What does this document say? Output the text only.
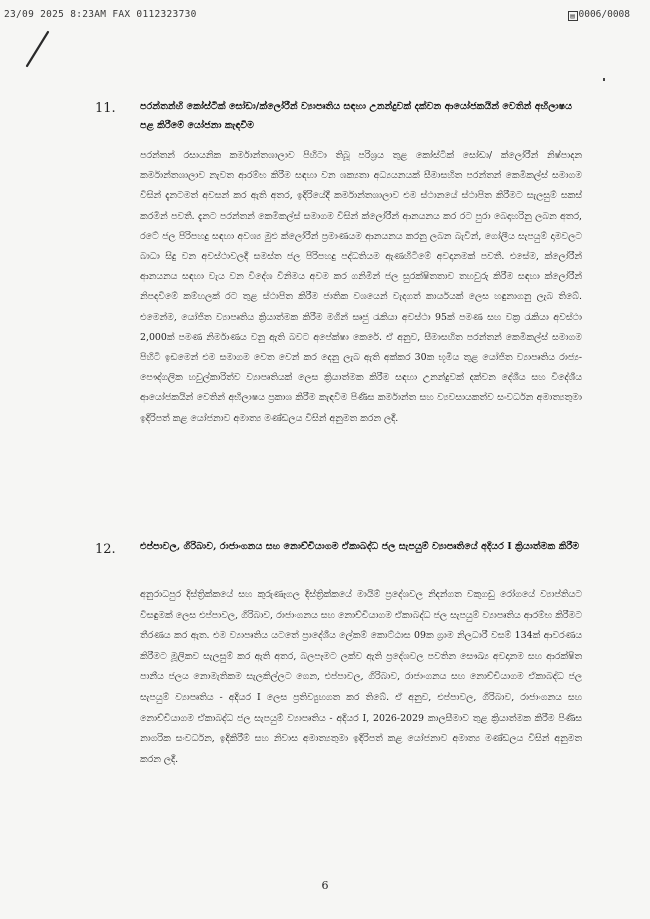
23/09 2025 8:23AM FAX 0112323730	▤ 0006/0008
11.	පරන්තන්හි කෝස්ටික් සෝඩා/ක්ලෝරීන් ව්‍යාපෘතිය සඳහා උනන්දුවක් දක්වන ආයෝජකයින් වෙතින් අභිලාෂය පළ කිරීමේ යෝජනා කැඳවීම
පරන්තන් රසායනික කර්මාන්තශාලාව පිහිටා තිබූ පරිශ්‍රය තුළ කෝස්ටික් සෝඩා/ ක්ලෝරීන් නිෂ්පාදන කර්මාන්තශාලාව නැවත ආරම්භ කිරීම සඳහා වන ශක්‍යතා අධ්‍යයනයක් සීමාසහිත පරන්තන් කෙමිකල්ස් සමාගම විසින් දැනටමත් අවසන් කර ඇති අතර, ඉදිරියේදී කර්මාන්තශාලාව එම ස්ථානයේ ස්ථාපිත කිරීමට සැලසුම් සකස් කරමින් පවතී. දැනට පරන්තන් කෙමිකල්ස් සමාගම විසින් ක්ලෝරීන් ආනයනය කර රට පුරා බෙදාහරිනු ලබන අතර, රටේ ජල පිරිපහදු සඳහා අවශ්‍ය මුළු ක්ලෝරීන් ප්‍රමාණයම ආනයනය කරනු ලබන බැවින්, ගෝලීය සැපයුම් දාමවලට බාධා සිදු වන අවස්ථාවලදී සමස්ත ජල පිරිපහදු පද්ධතියම ඇණහිටීමේ අවදානමක් පවතී. එසේම, ක්ලෝරීන් ආනයනය සඳහා වැය වන විදේශ විනිමය අවම කර ගනිමින් ජල සුරක්ෂිතතාව තහවුරු කිරීම සඳහා ක්ලෝරීන් නිපදවීමේ කම්හලක් රට තුළ ස්ථාපිත කිරීම ජාතික වශයෙන් වැදගත් කාර්යයක් ලෙස හඳුනාගනු ලැබ තිබේ. එමෙන්ම, යෝජිත ව්‍යාපෘතිය ක්‍රියාත්මක කිරීම මගින් සෘජු රැකියා අවස්ථා 95ක් පමණ සහ වක්‍ර රැකියා අවස්ථා 2,000ක් පමණ නිර්මාණය වනු ඇති බවට අපේක්ෂා කෙරේ. ඒ අනුව, සීමාසහිත පරන්තන් කෙමිකල්ස් සමාගම පිහිටි ඉඩමෙන් එම සමාගම වෙත වෙන් කර දෙනු ලැබ ඇති අක්කර 30ක භූමිය තුළ යෝජිත ව්‍යාපෘතිය රාජ්‍ය-පෞද්ගලික හවුල්කාරිත්ව ව්‍යාපෘතියක් ලෙස ක්‍රියාත්මක කිරීම සඳහා උනන්දුවක් දක්වන දේශීය සහ විදේශීය ආයෝජකයින් වෙතින් අභිලාෂය ප්‍රකාශ කිරීම කැඳවීම පිණිස කර්මාන්ත සහ ව්‍යවසායකත්ව සංවර්ධන අමාත්‍යතුමා ඉදිරිපත් කළ යෝජනාව අමාත්‍ය මණ්ඩලය විසින් අනුමත කරන ලදී.
12.	එප්පාවල, ගිරිබාව, රාජාංගනය සහ නොච්චියාගම ඒකාබද්ධ ජල සැපයුම් ව්‍යාපෘතියේ අදියර I ක්‍රියාත්මක කිරීම
අනුරාධපුර දිස්ත්‍රික්කයේ සහ කුරුණෑගල දිස්ත්‍රික්කයේ මායිම් ප්‍රදේශවල නිදන්ගත වකුගඩු රෝගයේ ව්‍යාප්තියට විසඳුමක් ලෙස එප්පාවල, ගිරිබාව, රාජාංගනය සහ නොච්චියාගම ඒකාබද්ධ ජල සැපයුම් ව්‍යාපෘතිය ආරම්භ කිරීමට තීරණය කර ඇත. එම ව්‍යාපෘතිය යටතේ ප්‍රාදේශීය ලේකම් කොට්ඨාස 09ක ග්‍රාම නිලධාරී වසම් 134ක් ආවරණය කිරීමට මූලිකව සැලසුම් කර ඇති අතර, බලපෑමට ලක්ව ඇති ප්‍රදේශවල පවතින සෞඛ්‍ය අවදානම සහ ආරක්ෂිත පානීය ජලය නොමැතිකම සැලකිල්ලට ගෙන, එප්පාවල, ගිරිබාව, රාජාංගනය සහ නොච්චියාගම ඒකාබද්ධ ජල සැපයුම් ව්‍යාපෘතිය - අදියර I ලෙස ප්‍රතිව්‍යුහගත කර තිබේ. ඒ අනුව, එප්පාවල, ගිරිබාව, රාජාංගනය සහ නොච්චියාගම ඒකාබද්ධ ජල සැපයුම් ව්‍යාපෘතිය - අදියර I, 2026-2029 කාලසීමාව තුළ ක්‍රියාත්මක කිරීම පිණිස නාගරික සංවර්ධන, ඉදිකිරීම් සහ නිවාස අමාත්‍යතුමා ඉදිරිපත් කළ යෝජනාව අමාත්‍ය මණ්ඩලය විසින් අනුමත කරන ලදී.
6
